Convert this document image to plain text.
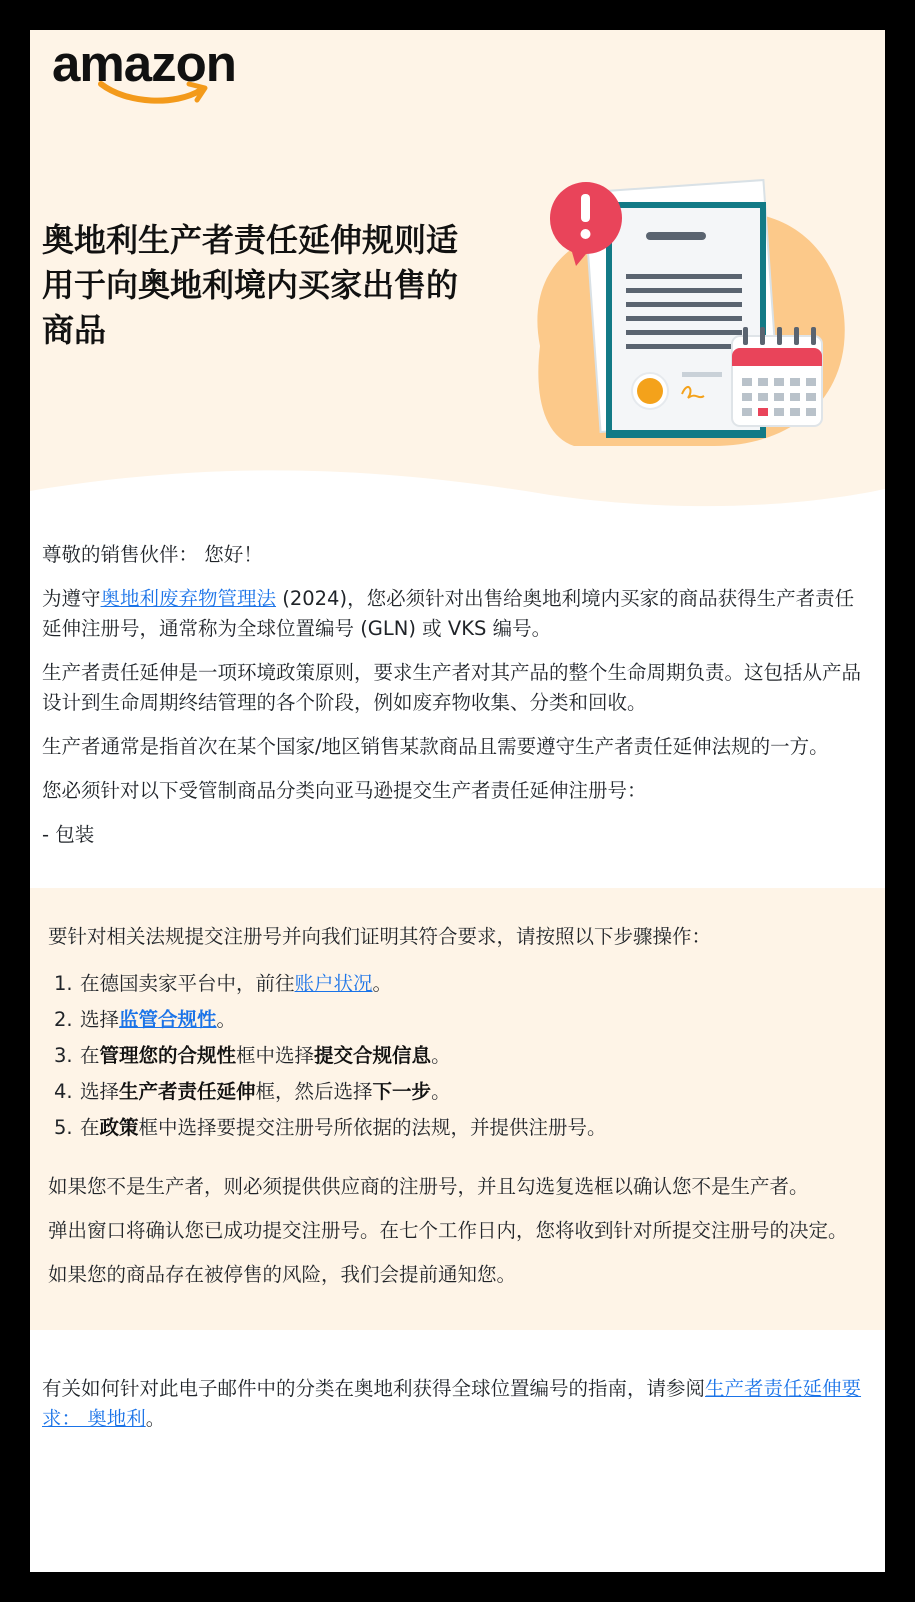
amazon
奥地利生产者责任延伸规则适用于向奥地利境内买家出售的商品

尊敬的销售伙伴： 您好！

为遵守奥地利废弃物管理法 (2024)，您必须针对出售给奥地利境内买家的商品获得生产者责任延伸注册号，通常称为全球位置编号 (GLN) 或 VKS 编号。

生产者责任延伸是一项环境政策原则，要求生产者对其产品的整个生命周期负责。这包括从产品设计到生命周期终结管理的各个阶段，例如废弃物收集、分类和回收。

生产者通常是指首次在某个国家/地区销售某款商品且需要遵守生产者责任延伸法规的一方。

您必须针对以下受管制商品分类向亚马逊提交生产者责任延伸注册号：

- 包装

要针对相关法规提交注册号并向我们证明其符合要求，请按照以下步骤操作：

1. 在德国卖家平台中，前往账户状况。
2. 选择监管合规性。
3. 在管理您的合规性框中选择提交合规信息。
4. 选择生产者责任延伸框，然后选择下一步。
5. 在政策框中选择要提交注册号所依据的法规，并提供注册号。

如果您不是生产者，则必须提供供应商的注册号，并且勾选复选框以确认您不是生产者。

弹出窗口将确认您已成功提交注册号。在七个工作日内，您将收到针对所提交注册号的决定。

如果您的商品存在被停售的风险，我们会提前通知您。

有关如何针对此电子邮件中的分类在奥地利获得全球位置编号的指南，请参阅生产者责任延伸要求： 奥地利。
